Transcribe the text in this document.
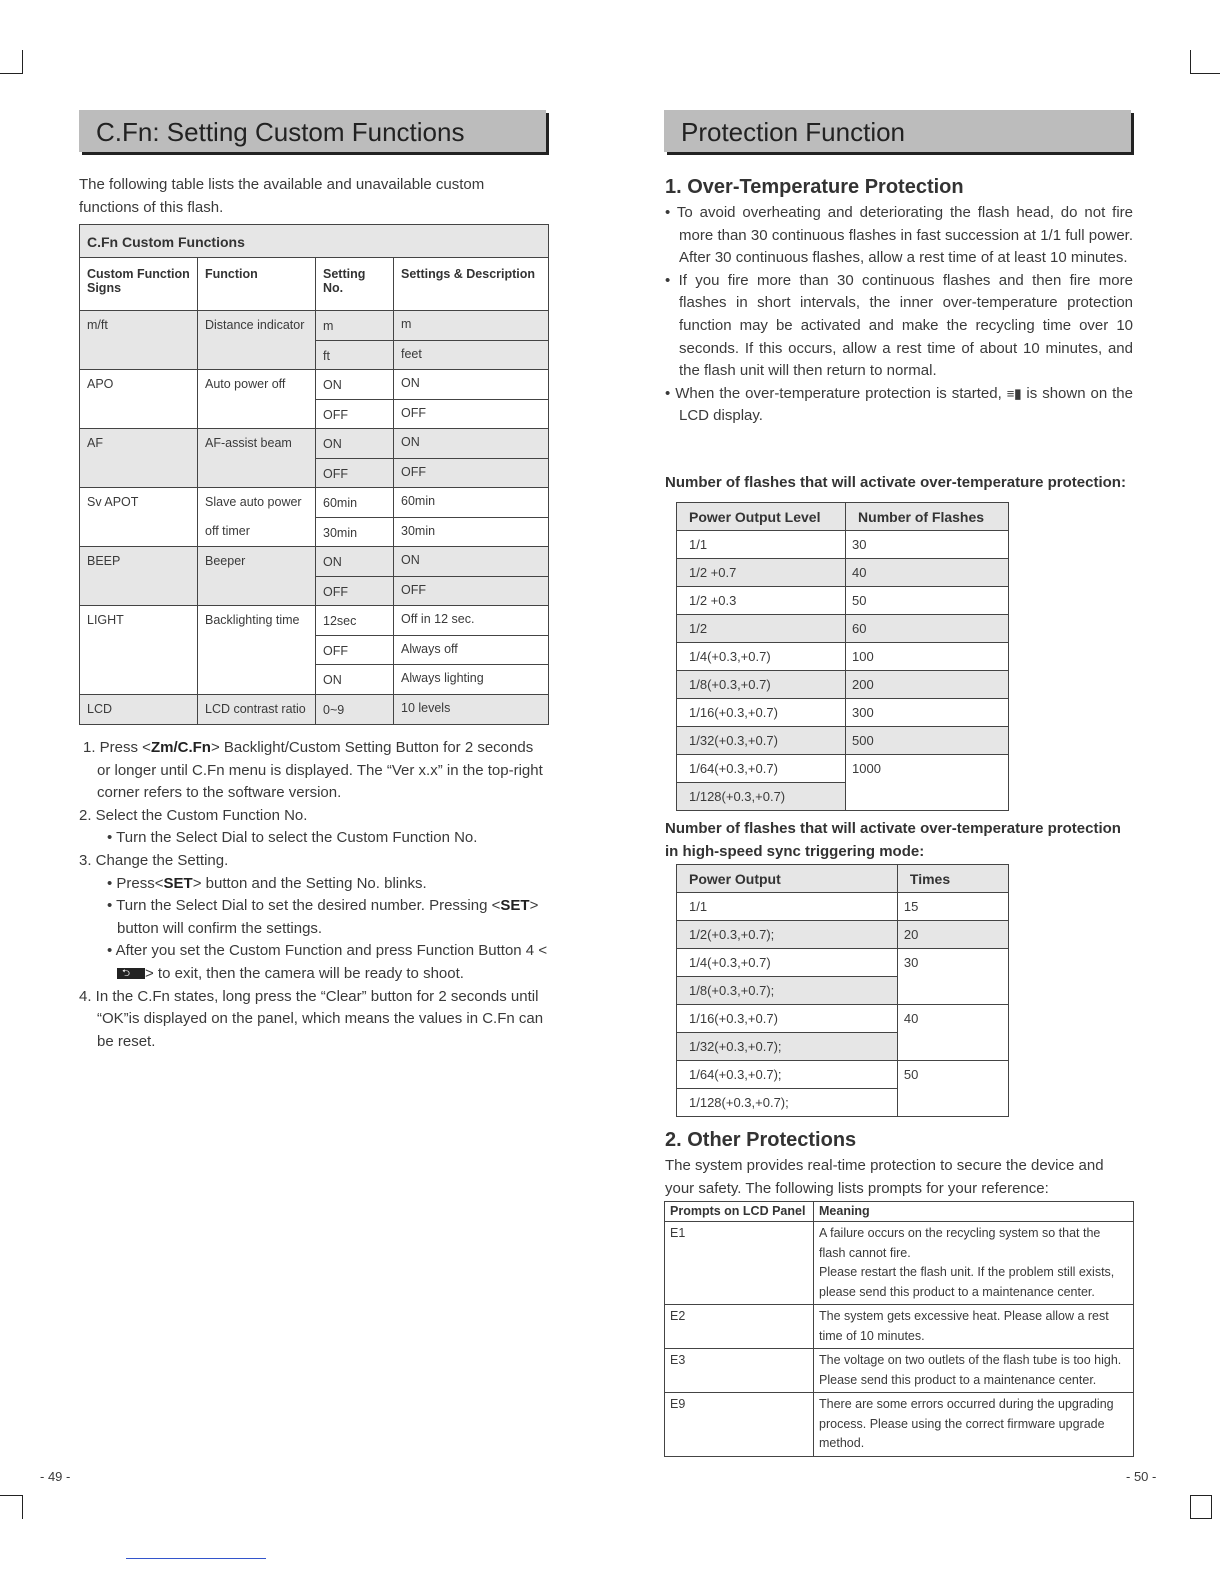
C.Fn: Setting Custom Functions
The following table lists the available and unavailable custom functions of this flash.
C.Fn Custom Functions			
Custom Function Signs	Function	Setting No.	Settings & Description
m/ft	Distance indicator	m	m
		ft	feet
APO	Auto power off	ON	ON
		OFF	OFF
AF	AF-assist beam	ON	ON
		OFF	OFF
Sv APOT	Slave auto power off timer	60min	60min
		30min	30min
BEEP	Beeper	ON	ON
		OFF	OFF
LIGHT	Backlighting time	12sec	Off in 12 sec.
		OFF	Always off
		ON	Always lighting
LCD	LCD contrast ratio	0~9	10 levels
1. Press <Zm/C.Fn> Backlight/Custom Setting Button for 2 seconds or longer until C.Fn menu is displayed. The “Ver x.x” in the top-right corner refers to the software version.
2. Select the Custom Function No.
• Turn the Select Dial to select the Custom Function No.
3. Change the Setting.
• Press<SET> button and the Setting No. blinks.
• Turn the Select Dial to set the desired number. Pressing <SET> button will confirm the settings.
• After you set the Custom Function and press Function Button 4 <⮌ > to exit, then the camera will be ready to shoot.
4. In the C.Fn states, long press the “Clear” button for 2 seconds until “OK”is displayed on the panel, which means the values in C.Fn can be reset.
- 49 -
Protection Function
1. Over-Temperature Protection
• To avoid overheating and deteriorating the flash head, do not fire more than 30 continuous flashes in fast succession at 1/1 full power. After 30 continuous flashes, allow a rest time of at least 10 minutes.
• If you fire more than 30 continuous flashes and then fire more flashes in short intervals, the inner over-temperature protection function may be activated and make the recycling time over 10 seconds. If this occurs, allow a rest time of about 10 minutes, and the flash unit will then return to normal.
• When the over-temperature protection is started, ≡▮ is shown on the LCD display.
Number of flashes that will activate over-temperature protection:
Power Output Level	Number of Flashes
1/1	30
1/2 +0.7	40
1/2 +0.3	50
1/2	60
1/4(+0.3,+0.7)	100
1/8(+0.3,+0.7)	200
1/16(+0.3,+0.7)	300
1/32(+0.3,+0.7)	500
1/64(+0.3,+0.7)	1000
1/128(+0.3,+0.7)	
Number of flashes that will activate over-temperature protection in high-speed sync triggering mode:
Power Output	Times
1/1	15
1/2(+0.3,+0.7);	20
1/4(+0.3,+0.7)	30
1/8(+0.3,+0.7);	
1/16(+0.3,+0.7)	40
1/32(+0.3,+0.7);	
1/64(+0.3,+0.7);	50
1/128(+0.3,+0.7);	
2. Other Protections
The system provides real-time protection to secure the device and your safety. The following lists prompts for your reference:
Prompts on LCD Panel	Meaning
E1	A failure occurs on the recycling system so that the flash cannot fire.
Please restart the flash unit. If the problem still exists, please send this product to a maintenance center.
E2	The system gets excessive heat. Please allow a rest time of 10 minutes.
E3	The voltage on two outlets of the flash tube is too high. Please send this product to a maintenance center.
E9	There are some errors occurred during the upgrading process. Please using the correct firmware upgrade method.
- 50 -
